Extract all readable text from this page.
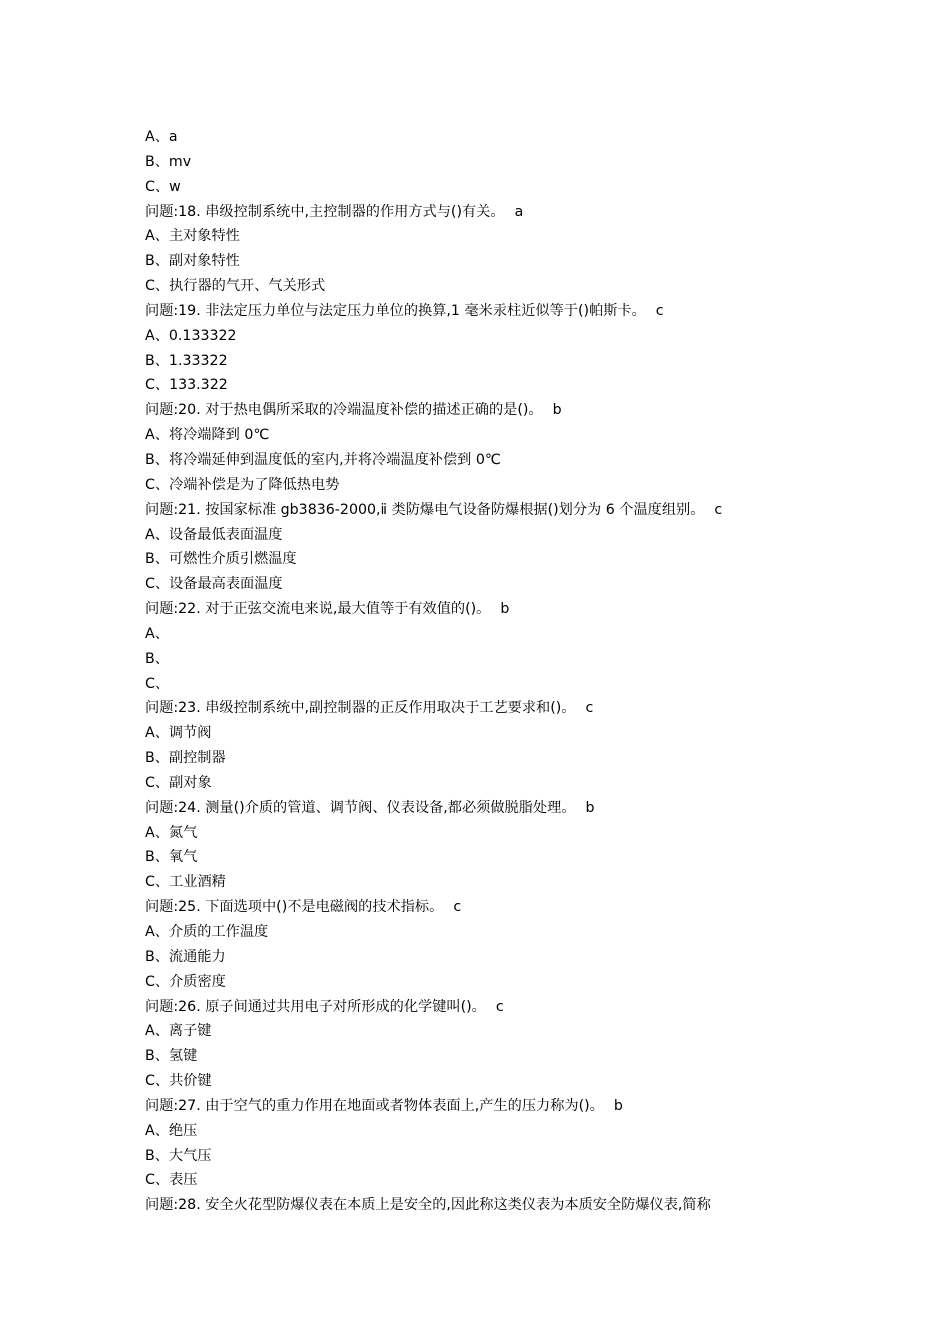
A、a
B、mv
C、w
问题:18. 串级控制系统中,主控制器的作用方式与()有关。 a
A、主对象特性
B、副对象特性
C、执行器的气开、气关形式
问题:19. 非法定压力单位与法定压力单位的换算,1 毫米汞柱近似等于()帕斯卡。 c
A、0.133322
B、1.33322
C、133.322
问题:20. 对于热电偶所采取的冷端温度补偿的描述正确的是()。 b
A、将冷端降到 0℃
B、将冷端延伸到温度低的室内,并将冷端温度补偿到 0℃
C、冷端补偿是为了降低热电势
问题:21. 按国家标准 gb3836-2000,ⅱ 类防爆电气设备防爆根据()划分为 6 个温度组别。 c
A、设备最低表面温度
B、可燃性介质引燃温度
C、设备最高表面温度
问题:22. 对于正弦交流电来说,最大值等于有效值的()。 b
A、
B、
C、
问题:23. 串级控制系统中,副控制器的正反作用取决于工艺要求和()。 c
A、调节阀
B、副控制器
C、副对象
问题:24. 测量()介质的管道、调节阀、仪表设备,都必须做脱脂处理。 b
A、氮气
B、氧气
C、工业酒精
问题:25. 下面选项中()不是电磁阀的技术指标。 c
A、介质的工作温度
B、流通能力
C、介质密度
问题:26. 原子间通过共用电子对所形成的化学键叫()。 c
A、离子键
B、氢键
C、共价键
问题:27. 由于空气的重力作用在地面或者物体表面上,产生的压力称为()。 b
A、绝压
B、大气压
C、表压
问题:28. 安全火花型防爆仪表在本质上是安全的,因此称这类仪表为本质安全防爆仪表,简称
